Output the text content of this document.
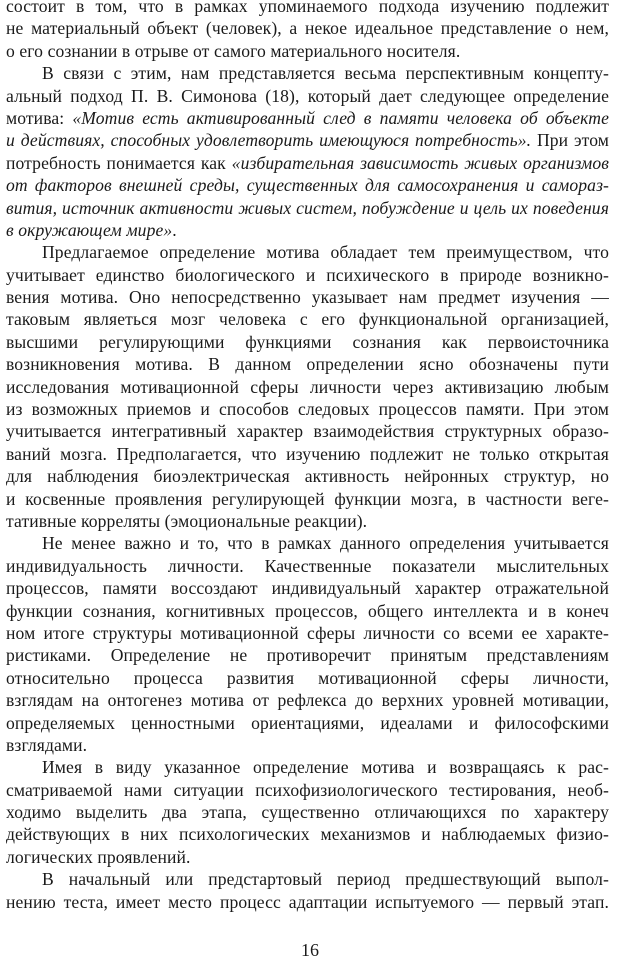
состоит в том, что в рамках упоминаемого подхода изучению подлежит
не материальный объект (человек), а некое идеальное представление о нем,
о его сознании в отрыве от самого материального носителя.
В связи с этим, нам представляется весьма перспективным концепту-
альный подход П. В. Симонова (18), который дает следующее определение
мотива: «Мотив есть активированный след в памяти человека об объекте
и действиях, способных удовлетворить имеющуюся потребность». При этом
потребность понимается как «избирательная зависимость живых организмов
от факторов внешней среды, существенных для самосохранения и самораз-
вития, источник активности живых систем, побуждение и цель их поведения
в окружающем мире».
Предлагаемое определение мотива обладает тем преимуществом, что
учитывает единство биологического и психического в природе возникно-
вения мотива. Оно непосредственно указывает нам предмет изучения —
таковым являеться мозг человека с его функциональной организацией,
высшими регулирующими функциями сознания как первоисточника
возникновения мотива. В данном определении ясно обозначены пути
исследования мотивационной сферы личности через активизацию любым
из возможных приемов и способов следовых процессов памяти. При этом
учитывается интегративный характер взаимодействия структурных образо-
ваний мозга. Предполагается, что изучению подлежит не только открытая
для наблюдения биоэлектрическая активность нейронных структур, но
и косвенные проявления регулирующей функции мозга, в частности веге-
тативные корреляты (эмоциональные реакции).
Не менее важно и то, что в рамках данного определения учитывается
индивидуальность личности. Качественные показатели мыслительных
процессов, памяти воссоздают индивидуальный характер отражательной
функции сознания, когнитивных процессов, общего интеллекта и в конеч
ном итоге структуры мотивационной сферы личности со всеми ее характе-
ристиками. Определение не противоречит принятым представлениям
относительно процесса развития мотивационной сферы личности,
взглядам на онтогенез мотива от рефлекса до верхних уровней мотивации,
определяемых ценностными ориентациями, идеалами и философскими
взглядами.
Имея в виду указанное определение мотива и возвращаясь к рас-
сматриваемой нами ситуации психофизиологического тестирования, необ-
ходимо выделить два этапа, существенно отличающихся по характеру
действующих в них психологических механизмов и наблюдаемых физио-
логических проявлений.
В начальный или предстартовый период предшествующий выпол-
нению теста, имеет место процесс адаптации испытуемого — первый этап.
16
